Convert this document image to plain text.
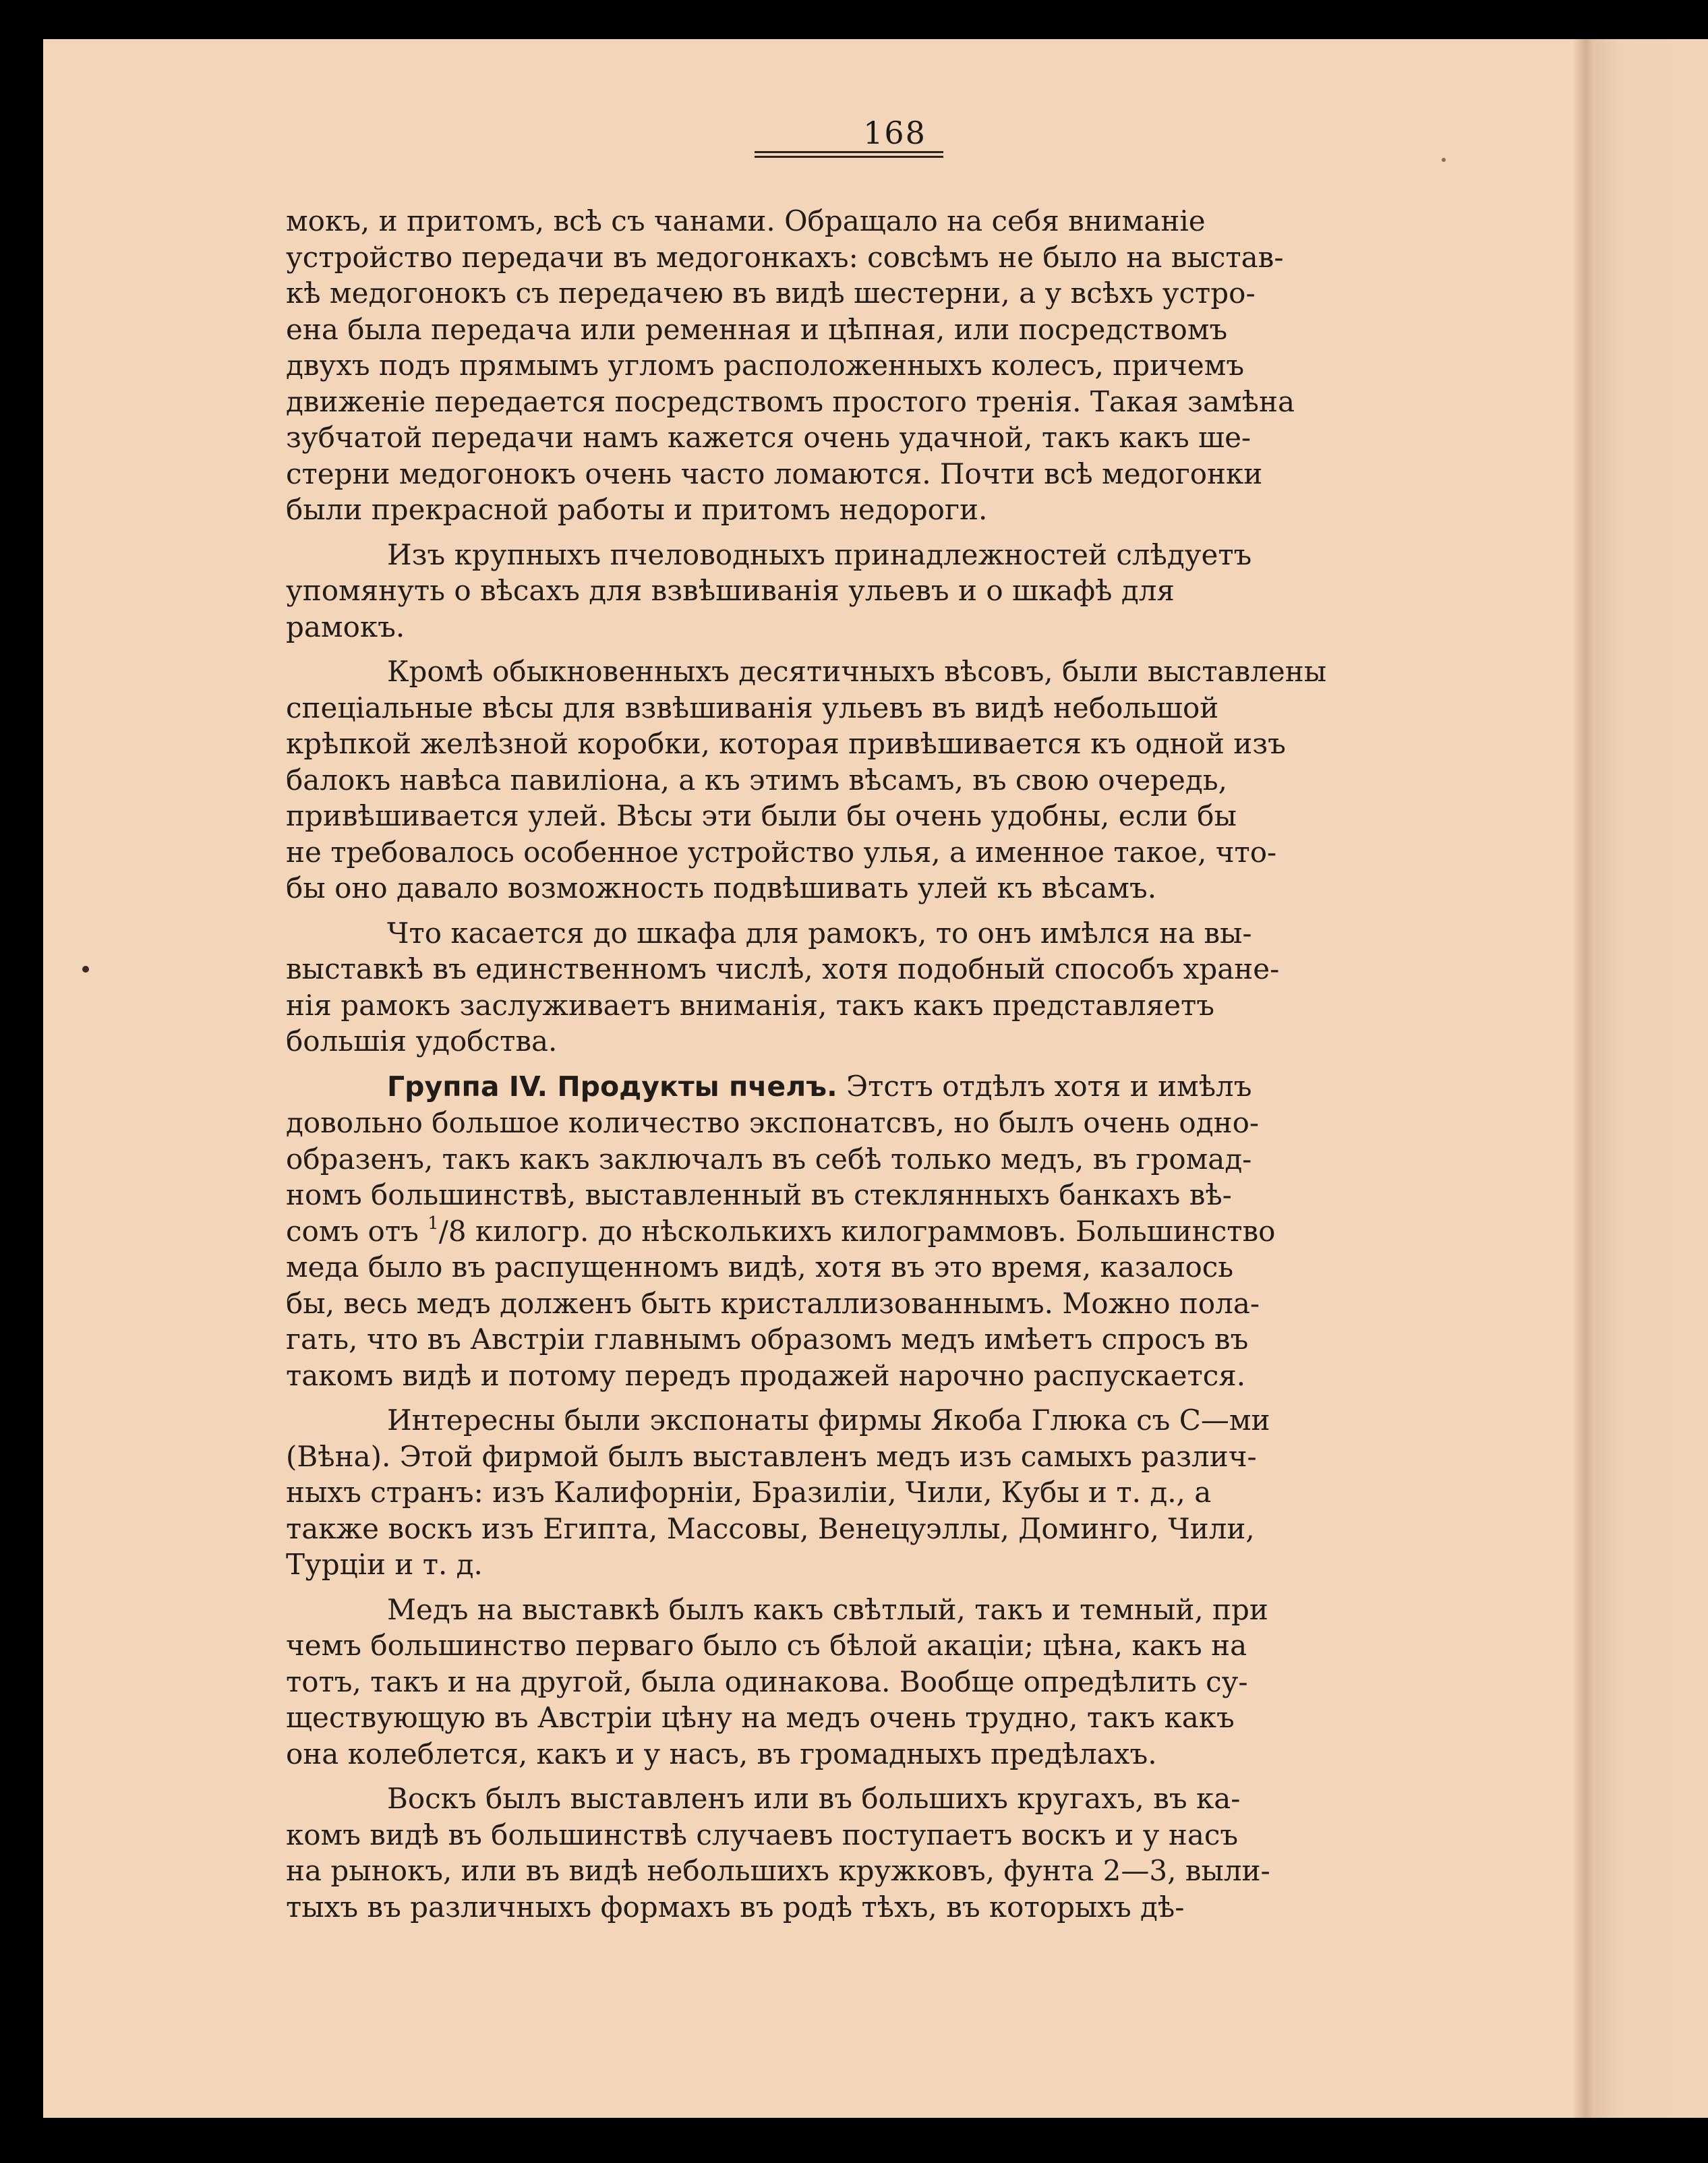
168

мокъ, и притомъ, всѣ съ чанами. Обращало на себя вниманіе
устройство передачи въ медогонкахъ: совсѣмъ не было на выстав-
кѣ медогонокъ съ передачею въ видѣ шестерни, а у всѣхъ устро-
ена была передача или ременная и цѣпная, или посредствомъ
двухъ подъ прямымъ угломъ расположенныхъ колесъ, причемъ
движеніе передается посредствомъ простого тренія. Такая замѣна
зубчатой передачи намъ кажется очень удачной, такъ какъ ше-
стерни медогонокъ очень часто ломаются. Почти всѣ медогонки
были прекрасной работы и притомъ недороги.

Изъ крупныхъ пчеловодныхъ принадлежностей слѣдуетъ
упомянуть о вѣсахъ для взвѣшиванія ульевъ и о шкафѣ для
рамокъ.

Кромѣ обыкновенныхъ десятичныхъ вѣсовъ, были выставлены
спеціальные вѣсы для взвѣшиванія ульевъ въ видѣ небольшой
крѣпкой желѣзной коробки, которая привѣшивается къ одной изъ
балокъ навѣса павиліона, а къ этимъ вѣсамъ, въ свою очередь,
привѣшивается улей. Вѣсы эти были бы очень удобны, если бы
не требовалось особенное устройство улья, а именное такое, что-
бы оно давало возможность подвѣшивать улей къ вѣсамъ.

Что касается до шкафа для рамокъ, то онъ имѣлся на вы-
выставкѣ въ единственномъ числѣ, хотя подобный способъ хране-
нія рамокъ заслуживаетъ вниманія, такъ какъ представляетъ
большія удобства.

Группа IV. Продукты пчелъ. Этстъ отдѣлъ хотя и имѣлъ
довольно большое количество экспонатсвъ, но былъ очень одно-
образенъ, такъ какъ заключалъ въ себѣ только медъ, въ громад-
номъ большинствѣ, выставленный въ стеклянныхъ банкахъ вѣ-
сомъ отъ $^1$/8 килогр. до нѣсколькихъ килограммовъ. Большинство
меда было въ распущенномъ видѣ, хотя въ это время, казалось
бы, весь медъ долженъ быть кристаллизованнымъ. Можно пола-
гать, что въ Австріи главнымъ образомъ медъ имѣетъ спросъ въ
такомъ видѣ и потому передъ продажей нарочно распускается.

Интересны были экспонаты фирмы Якоба Глюка съ С—ми
(Вѣна). Этой фирмой былъ выставленъ медъ изъ самыхъ различ-
ныхъ странъ: изъ Калифорніи, Бразиліи, Чили, Кубы и т. д., а
также воскъ изъ Египта, Массовы, Венецуэллы, Доминго, Чили,
Турціи и т. д.

Медъ на выставкѣ былъ какъ свѣтлый, такъ и темный, при
чемъ большинство перваго было съ бѣлой акаціи; цѣна, какъ на
тотъ, такъ и на другой, была одинакова. Вообще опредѣлить су-
ществующую въ Австріи цѣну на медъ очень трудно, такъ какъ
она колеблется, какъ и у насъ, въ громадныхъ предѣлахъ.

Воскъ былъ выставленъ или въ большихъ кругахъ, въ ка-
комъ видѣ въ большинствѣ случаевъ поступаетъ воскъ и у насъ
на рынокъ, или въ видѣ небольшихъ кружковъ, фунта 2—3, выли-
тыхъ въ различныхъ формахъ въ родѣ тѣхъ, въ которыхъ дѣ-
